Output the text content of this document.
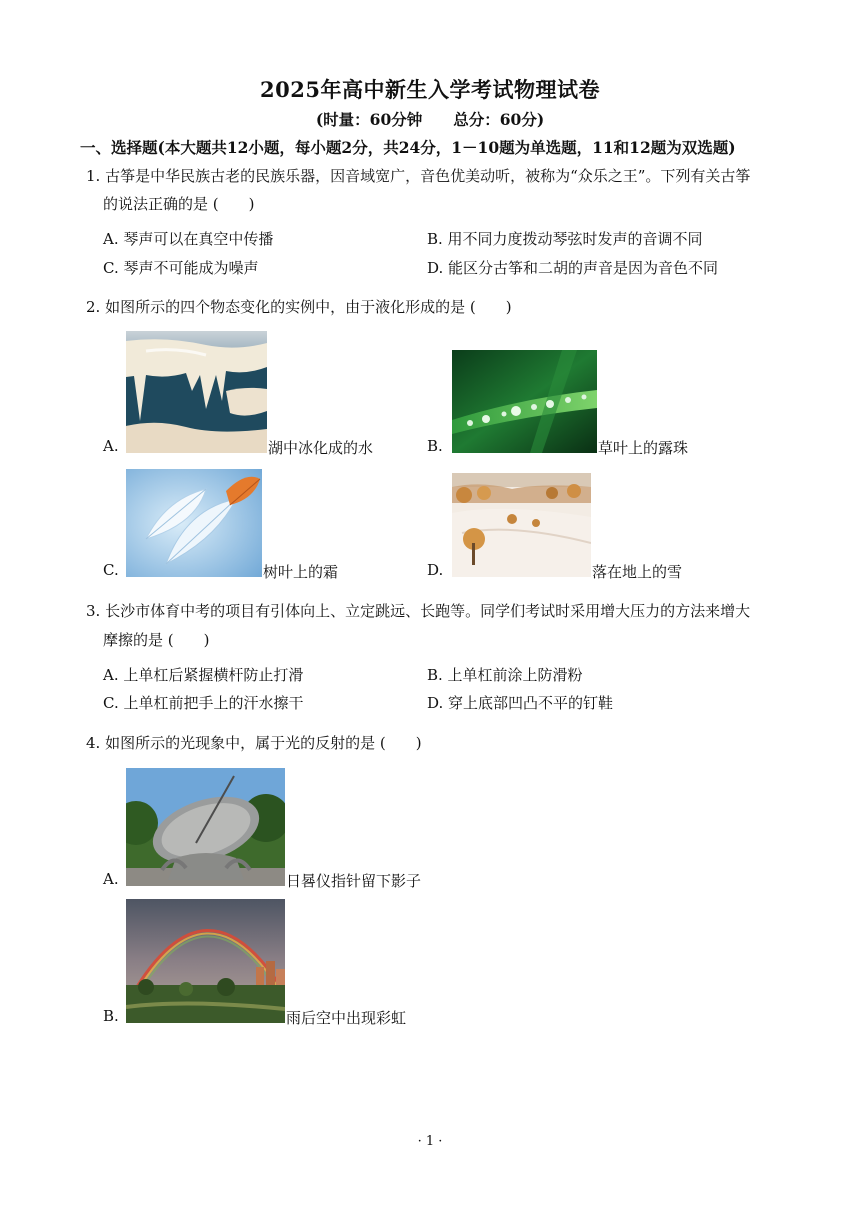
2025年高中新生入学考试物理试卷
(时量：60分钟　　总分：60分)
一、选择题(本大题共12小题，每小题2分，共24分，1－10题为单选题，11和12题为双选题)
1. 古筝是中华民族古老的民族乐器，因音域宽广，音色优美动听，被称为“众乐之王”。下列有关古筝
的说法正确的是 (　　)
A. 琴声可以在真空中传播	B. 用不同力度拨动琴弦时发声的音调不同
C. 琴声不可能成为噪声	D. 能区分古筝和二胡的声音是因为音色不同
2. 如图所示的四个物态变化的实例中，由于液化形成的是 (　　)
A.	湖中冰化成的水	B.	草叶上的露珠
C.	树叶上的霜	D.	落在地上的雪
3. 长沙市体育中考的项目有引体向上、立定跳远、长跑等。同学们考试时采用增大压力的方法来增大
摩擦的是 (　　)
A. 上单杠后紧握横杆防止打滑	B. 上单杠前涂上防滑粉
C. 上单杠前把手上的汗水擦干	D. 穿上底部凹凸不平的钉鞋
4. 如图所示的光现象中，属于光的反射的是 (　　)
A.	日晷仪指针留下影子
B.	雨后空中出现彩虹
· 1 ·
